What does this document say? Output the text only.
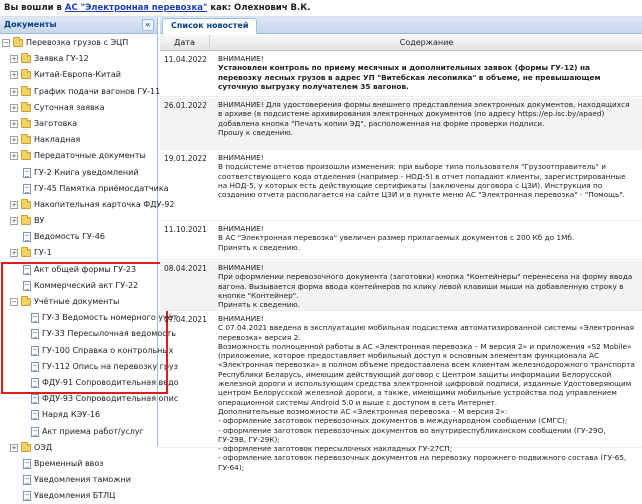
Вы вошли в АС "Электронная перевозка" как: Олехнович В.К.
Документы	«
− Перевозка грузов с ЭЦП
+ Заявка ГУ-12
+ Китай-Европа-Китай
+ График подачи вагонов ГУ-11
+ Суточная заявка
+ Заготовка
+ Накладная
+ Передаточные документы
ГУ-2 Книга уведомлений
ГУ-45 Памятка приёмосдатчика
+ Накопительная карточка ФДУ-92
+ ВУ
Ведомость ГУ-46
+ ГУ-1
Акт общей формы ГУ-23
Коммерческий акт ГУ-22
− Учётные документы
ГУ-3 Ведомость номерного учёт
ГУ-33 Пересылочная ведомость
ГУ-100 Справка о контрольных
ГУ-112 Опись на перевозку груз
ФДУ-91 Сопроводительная ведо
ФДУ-93 Сопроводительная опис
Наряд КЭУ-16
Акт приема работ/услуг
+ ОЭД
Временный ввоз
Уведомления таможни
Уведомления БТЛЦ
Список новостей
Дата	Содержание
11.04.2022 ВНИМАНИЕ!

Установлен контроль по приему месячных и дополнительных заявок (формы ГУ-12) на перевозку лесных грузов в адрес УП "Витебская лесопилка" в объеме, не превышающем суточную выгрузку получателем 35 вагонов.

26.01.2022 ВНИМАНИЕ! Для удостоверения формы внешнего представления электронных документов, находящихся в архиве (в подсистеме архивирования электронных документов (по адресу https://ep.isc.by/apaed) добавлена кнопка "Печать копии ЭД", расположенная на форме проверки подписи.

Прошу к сведению.

19.01.2022 ВНИМАНИЕ!

В подсистеме отчетов произошли изменения: при выборе типа пользователя "Грузоотправитель" и соответствующего кода отделения (например - НОД-5) в отчет попадают клиенты, зарегистрированные на НОД-5, у которых есть действующие сертификаты (заключены договора с ЦЗИ). Инструкция по созданию отчета располагается на сайте ЦЗИ и в пункте меню АС "Электронная перевозка" - "Помощь".

11.10.2021 ВНИМАНИЕ!

В АС "Электронная перевозка" увеличен размер прилагаемых документов с 200 Кб до 1Мб.

Принять к сведению.

08.04.2021 ВНИМАНИЕ!

При оформлении перевозочного документа (заготовки) кнопка "Контейнеры" перенесена на форму ввода вагона. Вызывается форма ввода контейнеров по клику левой клавиши мыши на добавленную строку в кнопке "Контейнер".

Принять к сведению.

07.04.2021 ВНИМАНИЕ!

С 07.04.2021 введена в эксплуатацию мобильная подсистема автоматизированной системы «Электронная перевозка» версия 2.

Возможность полноценной работы в АС «Электронная перевозка – М версия 2» и приложения «S2 Mobile» (приложение, которое предоставляет мобильный доступ к основным элементам функционала АС «Электронная перевозка» в полном объеме предоставлена всем клиентам железнодорожного транспорта Республики Беларусь, имеющим действующий договор с Центром защиты информации Белорусской железной дороги и использующим средства электронной цифровой подписи, изданные Удостоверяющим центром Белорусской железной дороги, а также, имеющими мобильные устройства под управлением операционной системы Android 5.0 и выше с доступом в сеть Интернет.

Дополнительные возможности АС «Электронная перевозка – М версия 2»:

- оформление заготовок перевозочных документов в международном сообщении (СМГС);

- оформление заготовок перевозочных документов во внутриреспубликанском сообщении (ГУ-29О, ГУ-29В, ГУ-29К);

- оформление заготовок пересылочных накладных ГУ-27СП;

- оформление заготовок перевозочных документов на перевозку порожнего подвижного состава (ГУ-65, ГУ-64);
